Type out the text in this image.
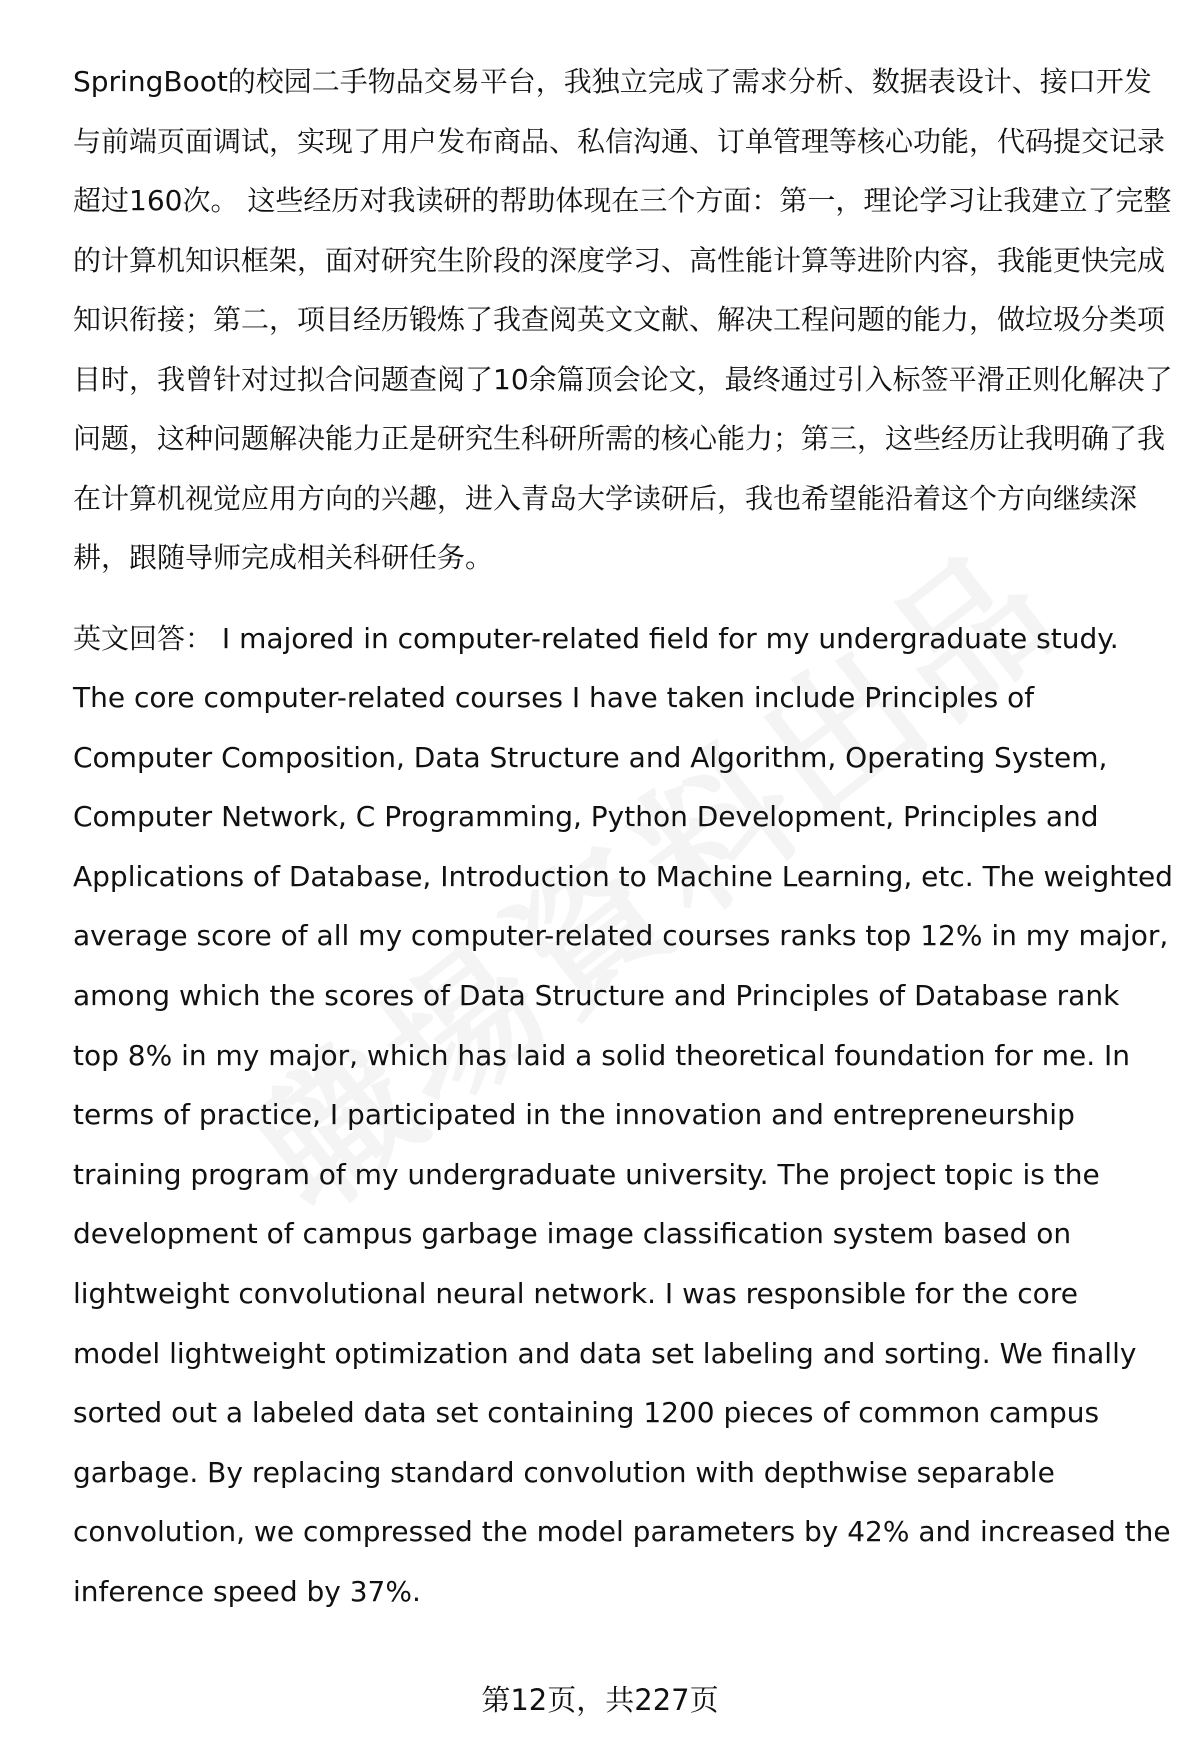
SpringBoot的校园二手物品交易平台，我独立完成了需求分析、数据表设计、接口开发与前端页面调试，实现了用户发布商品、私信沟通、订单管理等核心功能，代码提交记录超过160次。 这些经历对我读研的帮助体现在三个方面：第一，理论学习让我建立了完整的计算机知识框架，面对研究生阶段的深度学习、高性能计算等进阶内容，我能更快完成知识衔接；第二，项目经历锻炼了我查阅英文文献、解决工程问题的能力，做垃圾分类项目时，我曾针对过拟合问题查阅了10余篇顶会论文，最终通过引入标签平滑正则化解决了问题，这种问题解决能力正是研究生科研所需的核心能力；第三，这些经历让我明确了我在计算机视觉应用方向的兴趣，进入青岛大学读研后，我也希望能沿着这个方向继续深耕，跟随导师完成相关科研任务。

英文回答： I majored in computer-related field for my undergraduate study. The core computer-related courses I have taken include Principles of Computer Composition, Data Structure and Algorithm, Operating System, Computer Network, C Programming, Python Development, Principles and Applications of Database, Introduction to Machine Learning, etc. The weighted average score of all my computer-related courses ranks top 12% in my major, among which the scores of Data Structure and Principles of Database rank top 8% in my major, which has laid a solid theoretical foundation for me. In terms of practice, I participated in the innovation and entrepreneurship training program of my undergraduate university. The project topic is the development of campus garbage image classification system based on lightweight convolutional neural network. I was responsible for the core model lightweight optimization and data set labeling and sorting. We finally sorted out a labeled data set containing 1200 pieces of common campus garbage. By replacing standard convolution with depthwise separable convolution, we compressed the model parameters by 42% and increased the inference speed by 37%.

第12页，共227页
